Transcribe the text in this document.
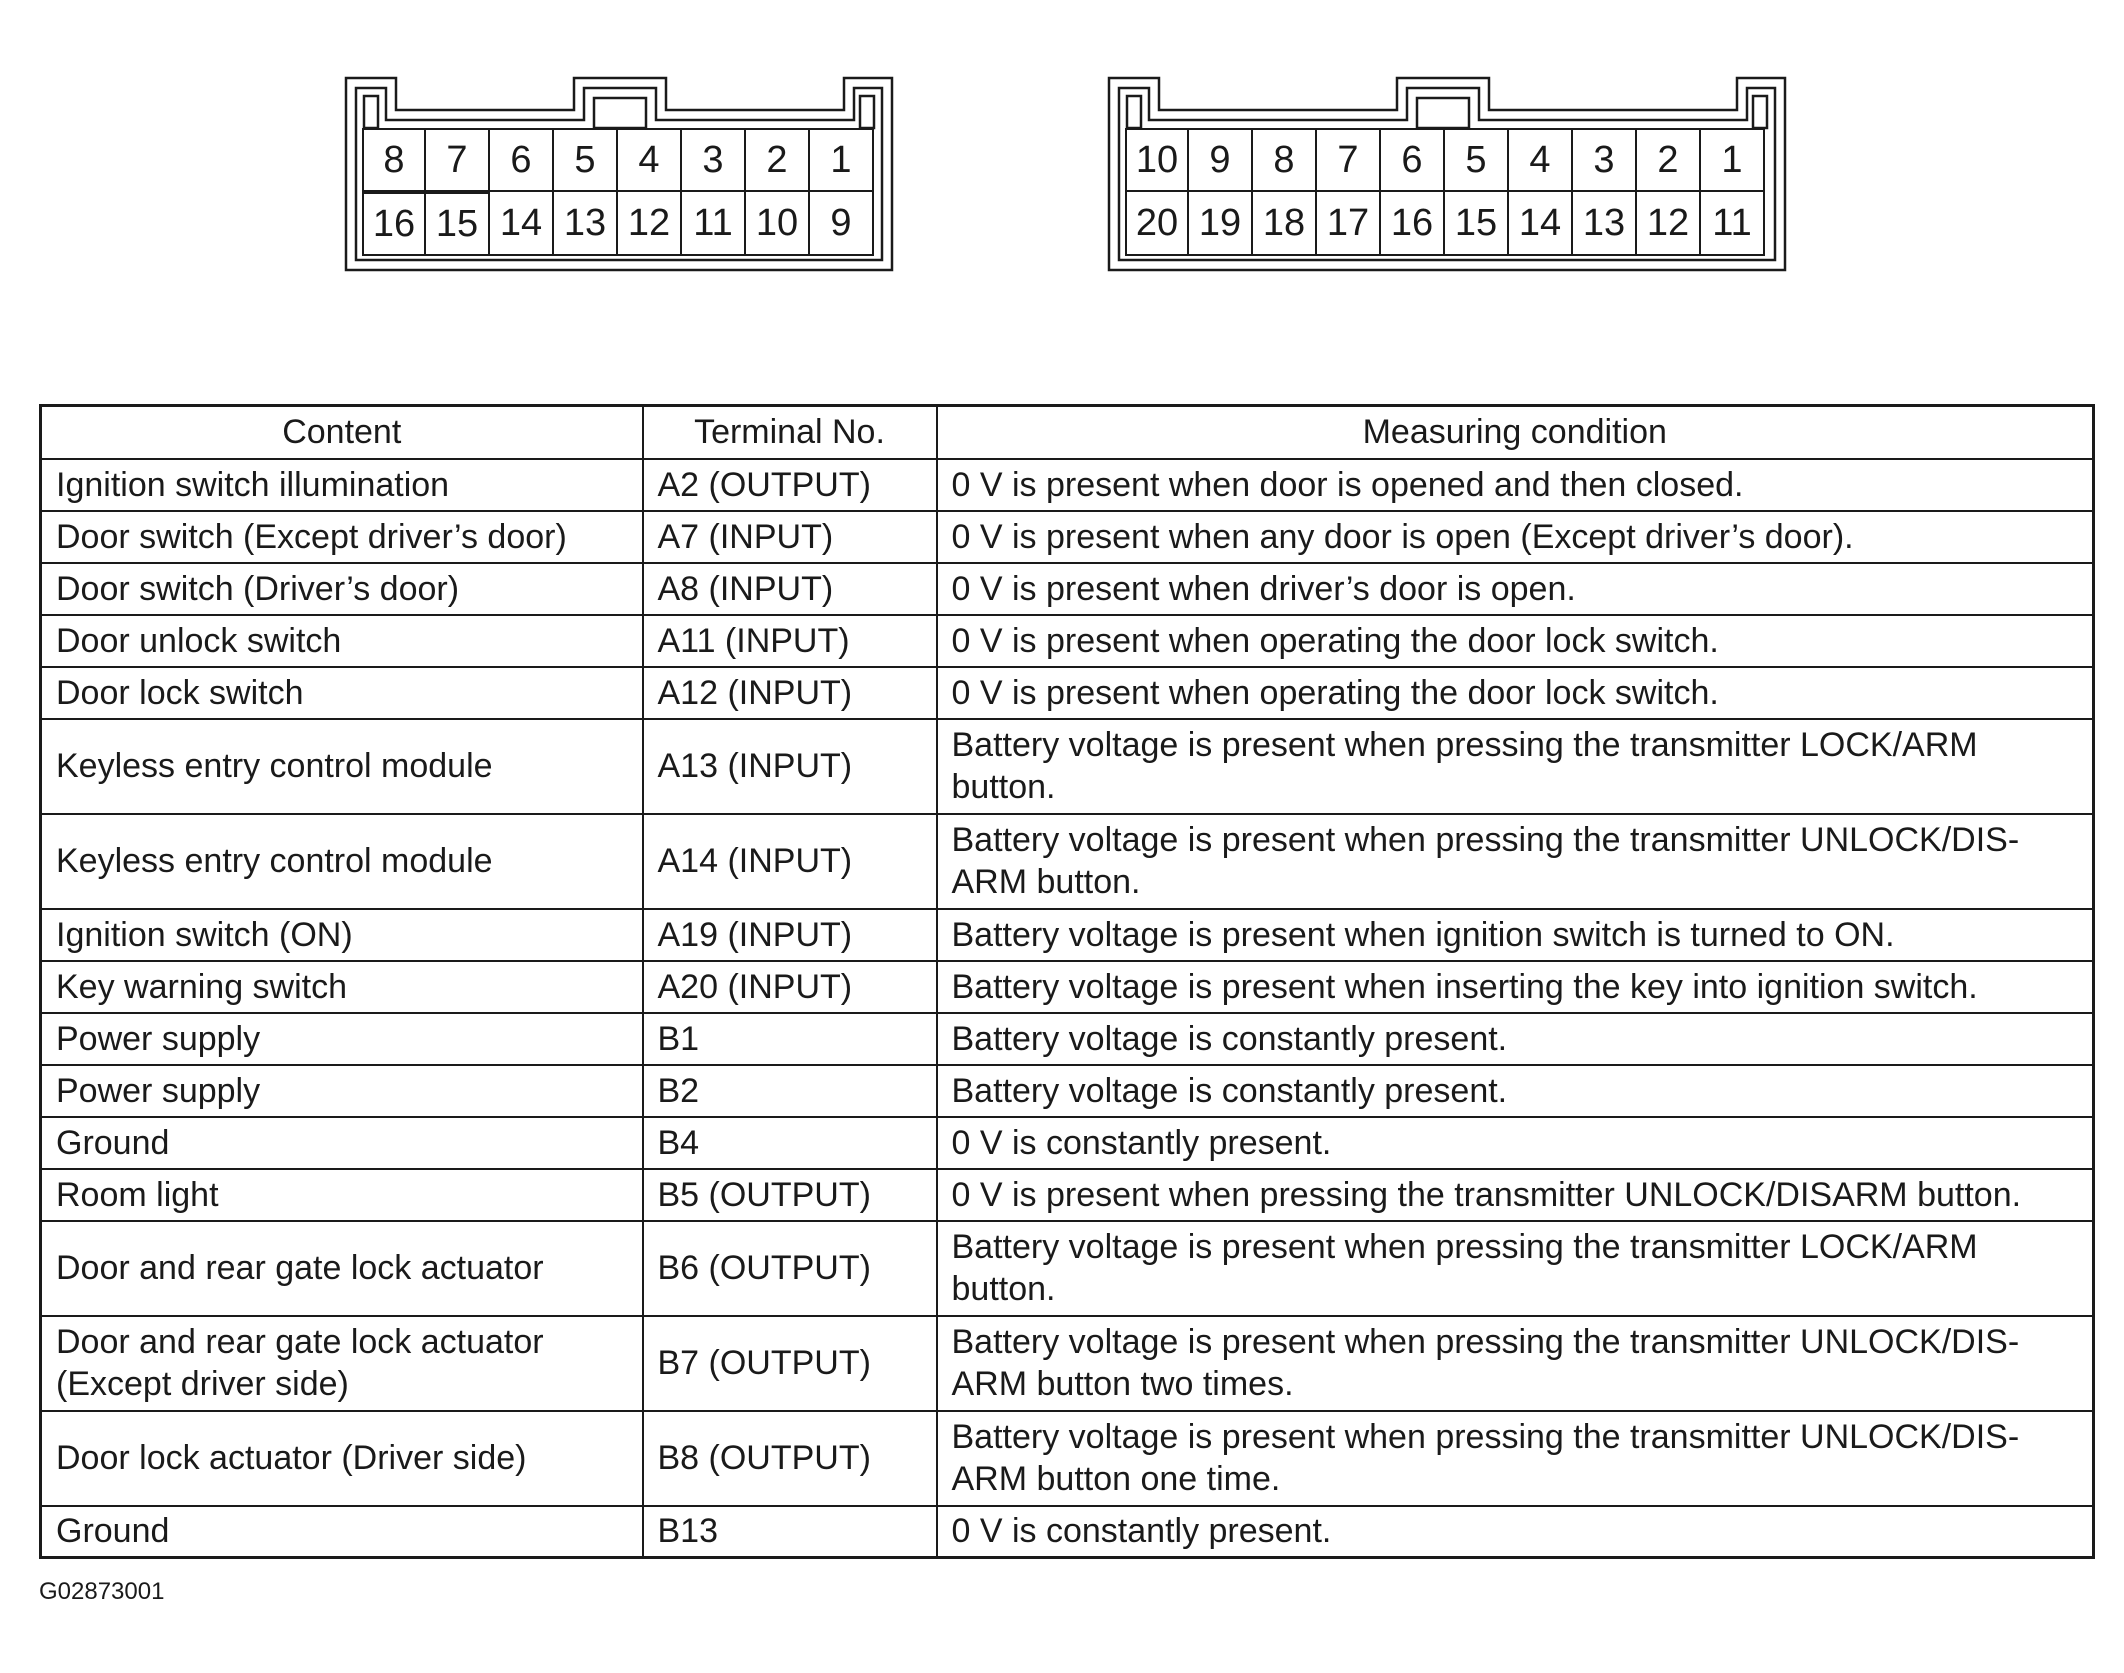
8	7	6	5	4	3	2	1
16 15 14 13 12 11 10 9
10 9	8	7	6	5	4	3	2	1
20 19 18 17 16 15 14 13 12 11
Content	Terminal No.	Measuring condition
Ignition switch illumination	A2 (OUTPUT)	0 V is present when door is opened and then closed.
Door switch (Except driver’s door)	A7 (INPUT)	0 V is present when any door is open (Except driver’s door).
Door switch (Driver’s door)	A8 (INPUT)	0 V is present when driver’s door is open.
Door unlock switch	A11 (INPUT)	0 V is present when operating the door lock switch.
Door lock switch	A12 (INPUT)	0 V is present when operating the door lock switch.
Keyless entry control module	A13 (INPUT)	Battery voltage is present when pressing the transmitter LOCK/ARM button.
Keyless entry control module	A14 (INPUT)	Battery voltage is present when pressing the transmitter UNLOCK/DIS-ARM button.
Ignition switch (ON)	A19 (INPUT)	Battery voltage is present when ignition switch is turned to ON.
Key warning switch	A20 (INPUT)	Battery voltage is present when inserting the key into ignition switch.
Power supply	B1	Battery voltage is constantly present.
Power supply	B2	Battery voltage is constantly present.
Ground	B4	0 V is constantly present.
Room light	B5 (OUTPUT)	0 V is present when pressing the transmitter UNLOCK/DISARM button.
Door and rear gate lock actuator	B6 (OUTPUT)	Battery voltage is present when pressing the transmitter LOCK/ARM button.
Door and rear gate lock actuator (Except driver side)	B7 (OUTPUT)	Battery voltage is present when pressing the transmitter UNLOCK/DIS-ARM button two times.
Door lock actuator (Driver side)	B8 (OUTPUT)	Battery voltage is present when pressing the transmitter UNLOCK/DIS-ARM button one time.
Ground	B13	0 V is constantly present.
G02873001
